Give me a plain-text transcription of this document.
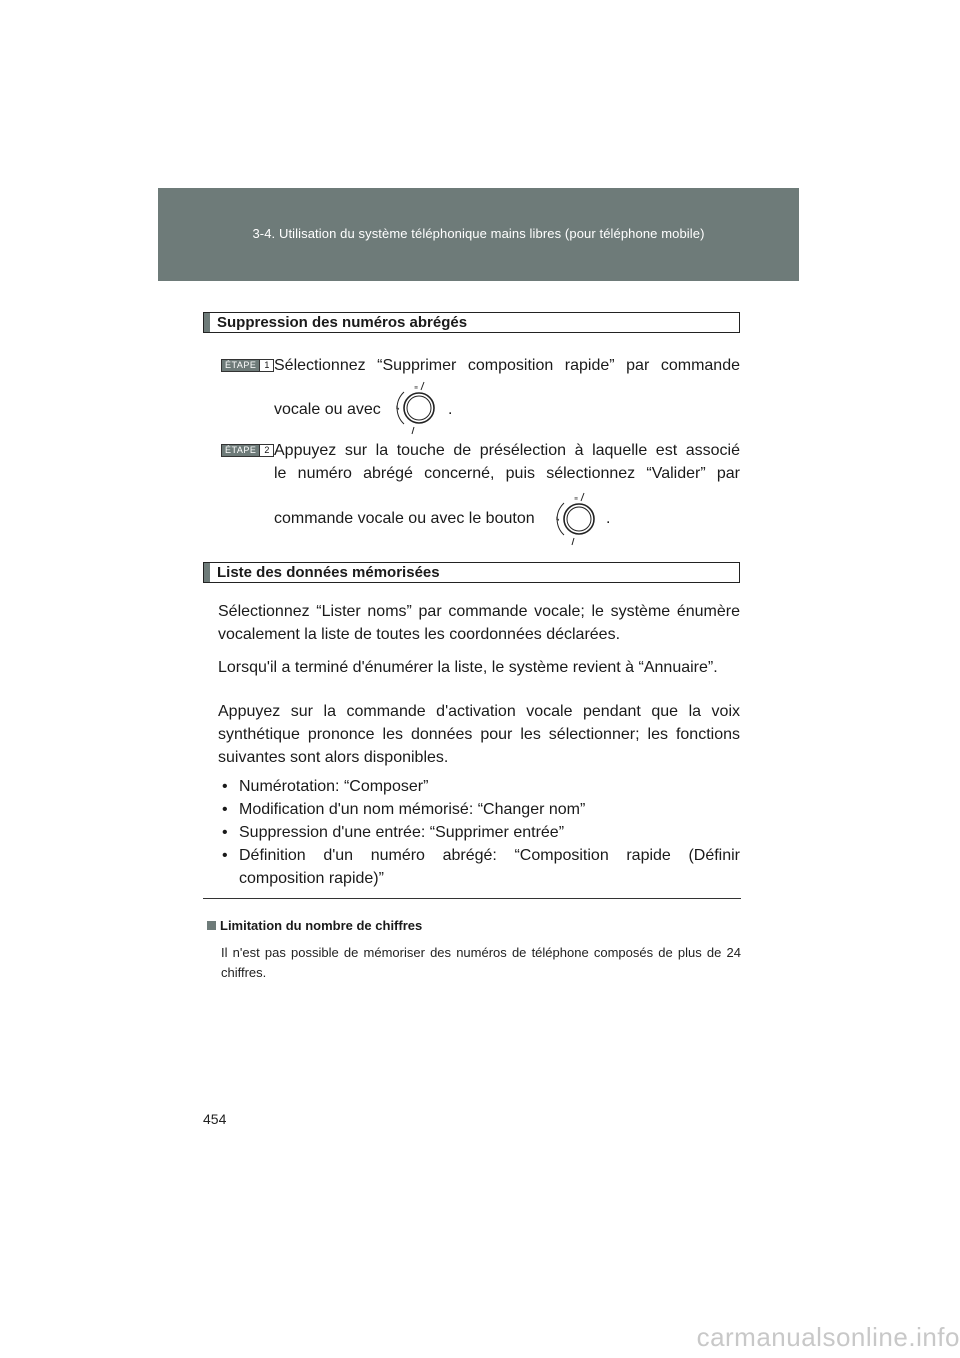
3-4. Utilisation du système téléphonique mains libres (pour téléphone mobile)
Suppression des numéros abrégés
ÉTAPE 1 Sélectionnez “Supprimer composition rapide” par commande
vocale ou avec
≡
↳	.
ÉTAPE 2 Appuyez sur la touche de présélection à laquelle est associé
le numéro abrégé concerné, puis sélectionnez “Valider” par
commande vocale ou avec le bouton
≡
↳	.
Liste des données mémorisées
Sélectionnez “Lister noms” par commande vocale; le système énumère vocalement la liste de toutes les coordonnées déclarées.
Lorsqu'il a terminé d'énumérer la liste, le système revient à “Annuaire”.
Appuyez sur la commande d'activation vocale pendant que la voix synthétique prononce les données pour les sélectionner; les fonctions suivantes sont alors disponibles.
• Numérotation: “Composer”
• Modification d'un nom mémorisé: “Changer nom”
• Suppression d'une entrée: “Supprimer entrée”
• Définition d'un numéro abrégé: “Composition rapide (Définir composition rapide)”
Limitation du nombre de chiffres
Il n'est pas possible de mémoriser des numéros de téléphone composés de plus de 24 chiffres.
454
carmanualsonline.info
